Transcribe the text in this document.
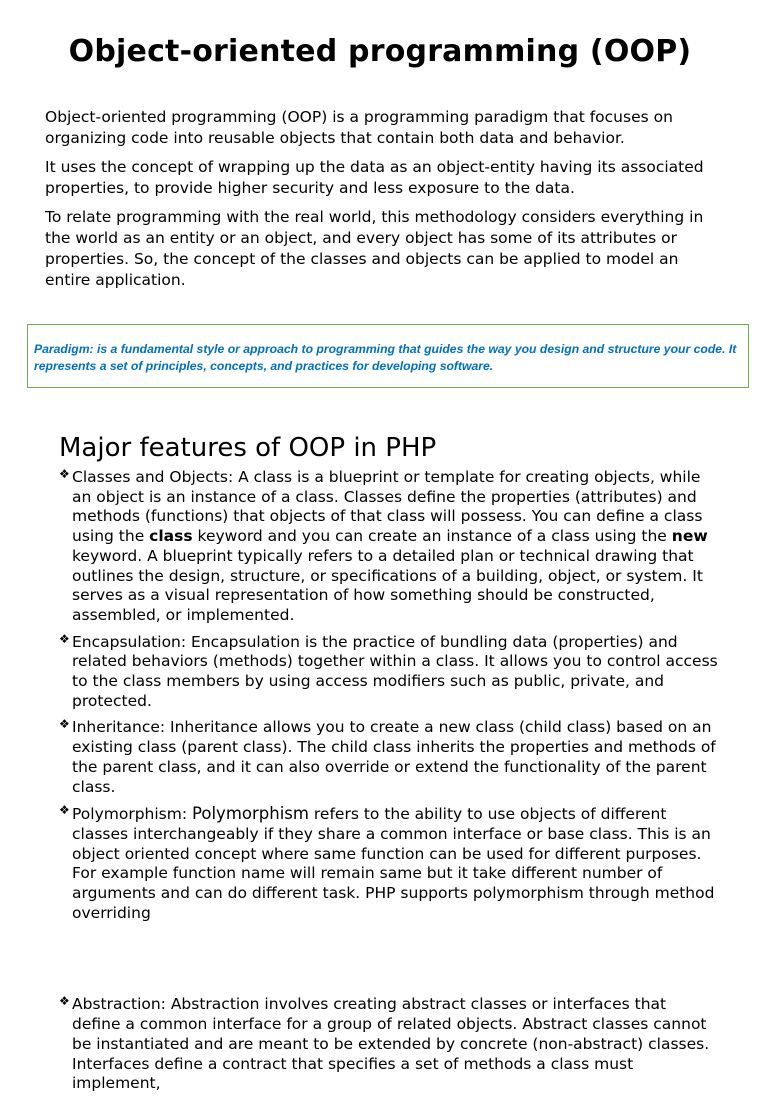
Object-oriented programming (OOP)

Object-oriented programming (OOP) is a programming paradigm that focuses on organizing code into reusable objects that contain both data and behavior.

It uses the concept of wrapping up the data as an object-entity having its associated properties, to provide higher security and less exposure to the data.

To relate programming with the real world, this methodology considers everything in the world as an entity or an object, and every object has some of its attributes or properties. So, the concept of the classes and objects can be applied to model an entire application.

Paradigm: is a fundamental style or approach to programming that guides the way you design and structure your code. It represents a set of principles, concepts, and practices for developing software.

Major features of OOP in PHP
❖ Classes and Objects: A class is a blueprint or template for creating objects, while an object is an instance of a class. Classes define the properties (attributes) and methods (functions) that objects of that class will possess. You can define a class using the class keyword and you can create an instance of a class using the new keyword. A blueprint typically refers to a detailed plan or technical drawing that outlines the design, structure, or specifications of a building, object, or system. It serves as a visual representation of how something should be constructed, assembled, or implemented.
❖ Encapsulation: Encapsulation is the practice of bundling data (properties) and related behaviors (methods) together within a class. It allows you to control access to the class members by using access modifiers such as public, private, and protected.
❖ Inheritance: Inheritance allows you to create a new class (child class) based on an existing class (parent class). The child class inherits the properties and methods of the parent class, and it can also override or extend the functionality of the parent class.
❖ Polymorphism: Polymorphism refers to the ability to use objects of different classes interchangeably if they share a common interface or base class. This is an object oriented concept where same function can be used for different purposes. For example function name will remain same but it take different number of arguments and can do different task. PHP supports polymorphism through method overriding
❖ Abstraction: Abstraction involves creating abstract classes or interfaces that define a common interface for a group of related objects. Abstract classes cannot be instantiated and are meant to be extended by concrete (non-abstract) classes. Interfaces define a contract that specifies a set of methods a class must implement,
